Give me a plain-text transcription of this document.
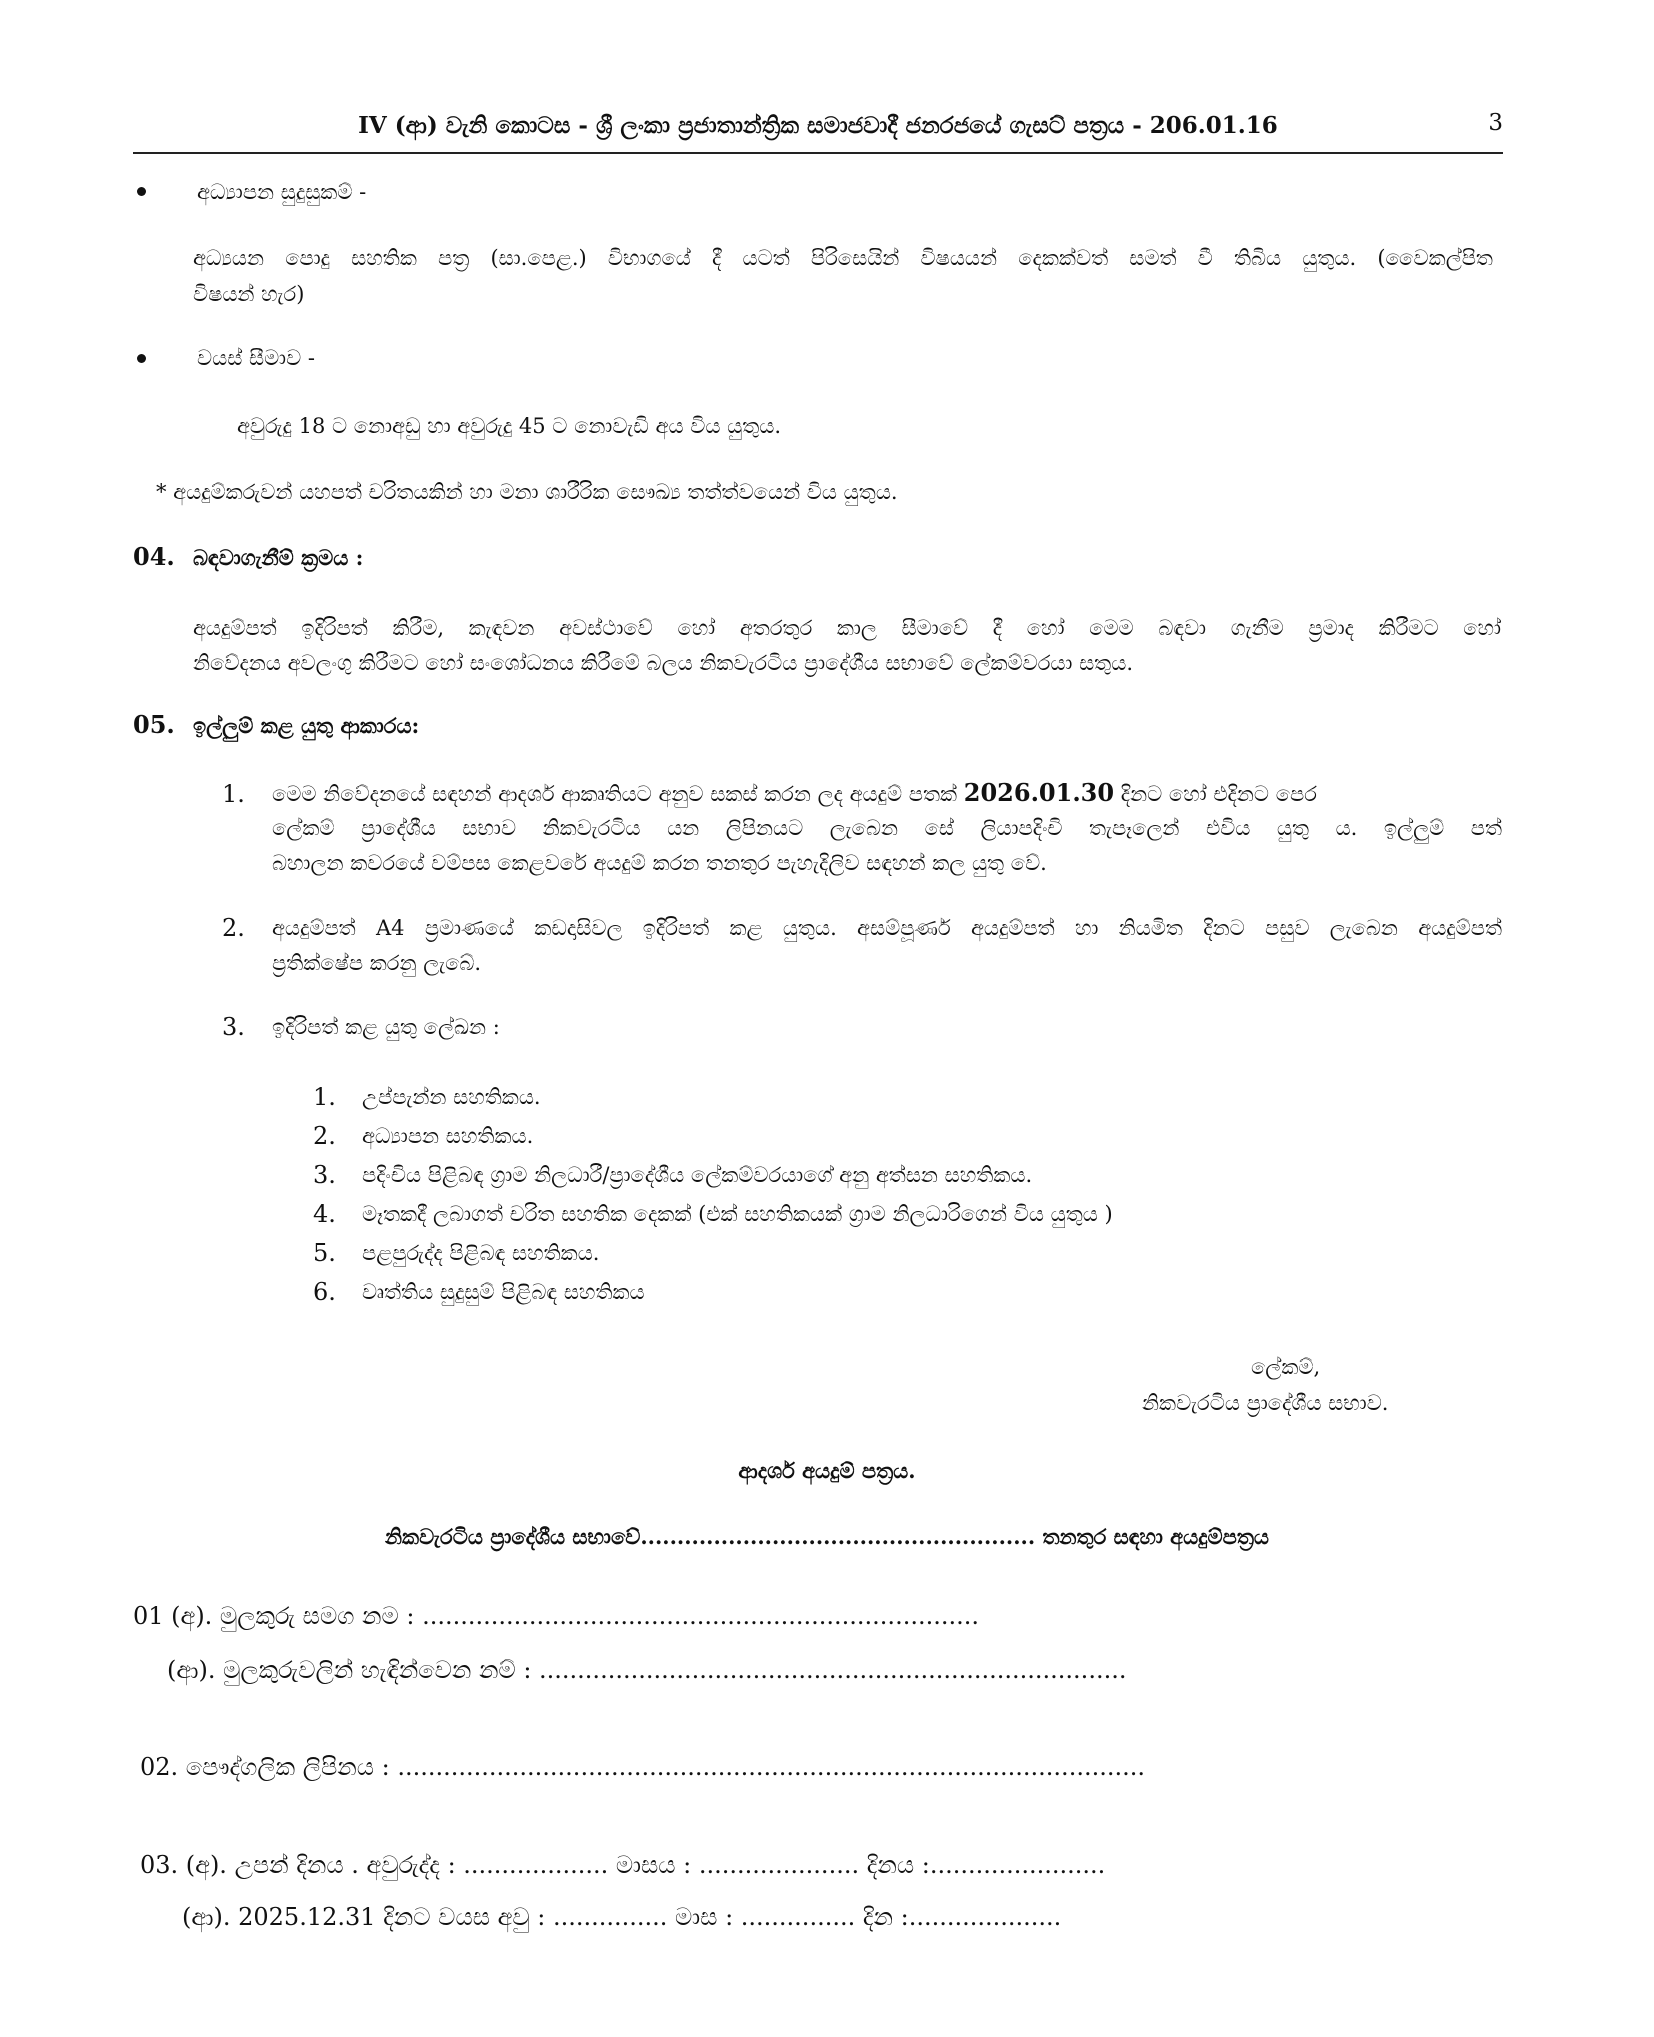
IV (ආ) වැනි කොටස - ශ්‍රී ලංකා ප්‍රජාතාන්ත්‍රික සමාජවාදී ජනරජයේ ගැසට් පත්‍රය - 206.01.16	3
අධ්‍යාපන සුදුසුකම් -
අධ්‍යයන පොදු සහතික පත්‍ර (සා.පෙළ.) විභාගයේ දී යටත් පිරිසෙයින් විෂයයන් දෙකක්වත් සමත් වී තිබිය යුතුය. (වෛකල්පිත
විෂයන් හැර)
වයස් සීමාව -
අවුරුදු 18 ට නොඅඩු හා අවුරුදු 45 ට නොවැඩි අය විය යුතුය.
* අයදුම්කරුවන් යහපත් චරිතයකින් හා මනා ශාරීරික සෞඛ්‍ය තත්ත්වයෙන් විය යුතුය.
04. බඳවාගැනීම් ක්‍රමය :
අයදුම්පත් ඉදිරිපත් කිරීම, කැඳවන අවස්ථාවේ හෝ අතරතුර කාල සීමාවේ දී හෝ මෙම බඳවා ගැනීම ප්‍රමාද කිරීමට හෝ
නිවේදනය අවලංගු කිරීමට හෝ සංශෝධනය කිරීමේ බලය නිකවැරටිය ප්‍රාදේශීය සභාවේ ලේකම්වරයා සතුය.
05. ඉල්ලුම් කළ යුතු ආකාරය:
1. මෙම නිවේදනයේ සඳහන් ආදර්ශ ආකෘතියට අනුව සකස් කරන ලද අයදුම් පතක් 2026.01.30 දිනට හෝ එදිනට පෙර
ලේකම් ප්‍රාදේශීය සභාව නිකවැරටිය යන ලිපිනයට ලැබෙන සේ ලියාපදිංචි තැපෑලෙන් එවිය යුතු ය. ඉල්ලුම් පත්
බහාලන කවරයේ වම්පස කෙළවරේ අයදුම් කරන තනතුර පැහැදිලිව සඳහන් කල යුතු වේ.
2. අයදුම්පත් A4 ප්‍රමාණයේ කඩදාසිවල ඉදිරිපත් කළ යුතුය. අසම්පූර්ණ අයදුම්පත් හා නියමිත දිනට පසුව ලැබෙන අයදුම්පත්
ප්‍රතික්ෂේප කරනු ලැබේ.
3. ඉදිරිපත් කළ යුතු ලේඛන :
1. උප්පැන්න සහතිකය.
2. අධ්‍යාපන සහතිකය.
3. පදිංචිය පිළිබඳ ග්‍රාම නිලධාරී/ප්‍රාදේශීය ලේකම්වරයාගේ අනු අත්සන සහතිකය.
4. මෑතකදී ලබාගත් චරිත සහතික දෙකක් (එක් සහතිකයක් ග්‍රාම නිලධාරිගෙන් විය යුතුය )
5. පළපුරුද්ද පිළිබඳ සහතිකය.
6. වෘත්තිය සුදුසුම් පිළිබඳ සහතිකය
ලේකම්,
නිකවැරටිය ප්‍රාදේශීය සභාව.
ආදර්ශ අයදුම් පත්‍රය.
නිකවැරටිය ප්‍රාදේශීය සභාවේ...................................................... තනතුර සඳහා අයදුම්පත්‍රය
01 (අ). මුලකුරු සමග නම : .........................................................................
(ආ). මුලකුරුවලින් හැඳින්වෙන නම් : .............................................................................
02. පෞද්ගලික ලිපිනය : ..................................................................................................
03. (අ). උපන් දිනය . අවුරුද්ද : ................... මාසය : ..................... දිනය :.......................
(ආ). 2025.12.31 දිනට වයස අවු : ............... මාස : ............... දින :....................
